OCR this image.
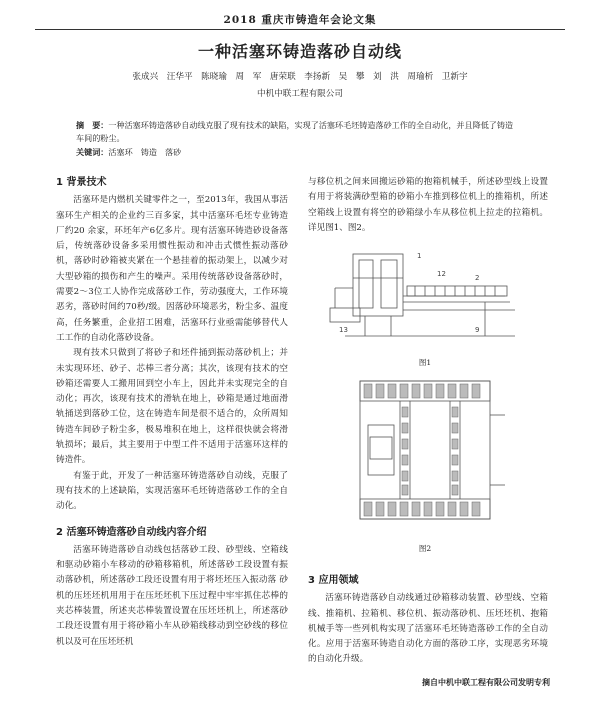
2018 重庆市铸造年会论文集
一种活塞环铸造落砂自动线
张成兴　汪华平　陈晓瑜　周　军　唐荣联　李扬新　吴　攀　刘　洪　周瑜析　卫新宇
中机中联工程有限公司
摘　要：一种活塞环铸造落砂自动线克服了现有技术的缺陷，实现了活塞环毛坯铸造落砂工作的全自动化，并且降低了铸造车间的粉尘。
关键词：活塞环　铸造　落砂
1 背景技术

活塞环是内燃机关键零件之一，至2013年，我国从事活塞环生产相关的企业约三百多家，其中活塞环毛坯专业铸造厂约20 余家，环坯年产6亿多片。现有活塞环铸造砂设备落后，传统落砂设备多采用惯性振动和冲击式惯性振动落砂机，落砂时砂箱被夹紧在一个悬挂着的振动架上，以减少对大型砂箱的损伤和产生的噪声。采用传统落砂设备落砂时，需要2～3位工人协作完成落砂工作，劳动强度大，工作环境恶劣，落砂时间约70秒/级。因落砂环境恶劣，粉尘多、温度高，任务繁重，企业招工困难，活塞环行业亟需能够替代人工工作的自动化落砂设备。

现有技术只做到了将砂子和坯件捅到振动落砂机上；并未实现环坯、砂子、芯棒三者分离；其次，该现有技术的空砂箱还需要人工搬用回到空小车上，因此并未实现完全的自动化；再次，该现有技术的滑轨在地上，砂箱是通过地面滑轨捅送到落砂工位，这在铸造车间是很不适合的，众所周知铸造车间砂子粉尘多，极易堆积在地上，这样很快就会将滑轨损坏；最后，其主要用于中型工件不适用于活塞环这样的铸造件。

有鉴于此，开发了一种活塞环铸造落砂自动线，克服了现有技术的上述缺陷，实现活塞环毛坯铸造落砂工作的全自动化。

2 活塞环铸造落砂自动线内容介绍

活塞环铸造落砂自动线包括落砂工段、砂型线、空箱线和驱动砂箱小车移动的砂箱移箱机，所述落砂工段设置有振动落砂机，所述落砂工段还设置有用于将坯坯压入振动落 砂机的压坯坯机用用于在压坯坯机下压过程中牢牢抓住芯棒的夹芯棒装置，所述夹芯棒装置设置在压坯坯机上，所述落砂工段还设置有用于将砂箱小车从砂箱线移动到空砂线的移位机以及可在压坯坯机

与移位机之间来回搬运砂箱的抱箱机械手，所述砂型线上设置有用于将装满砂型箱的砂箱小车推到移位机上的推箱机，所述空箱线上设置有将空的砂箱绿小车从移位机上拉走的拉箱机。详见图1、图2。

1
13
12	2
9
图1
图2
3 应用领域

活塞环铸造落砂自动线通过砂箱移动装置、砂型线、空箱线、推箱机、拉箱机、移位机、振动落砂机、压坯坯机、抱箱机械手等一些列机构实现了活塞环毛坯铸造落砂工作的全自动化。应用于活塞环铸造自动化方面的落砂工序，实现恶劣环境的自动化升级。

摘自中机中联工程有限公司发明专利
